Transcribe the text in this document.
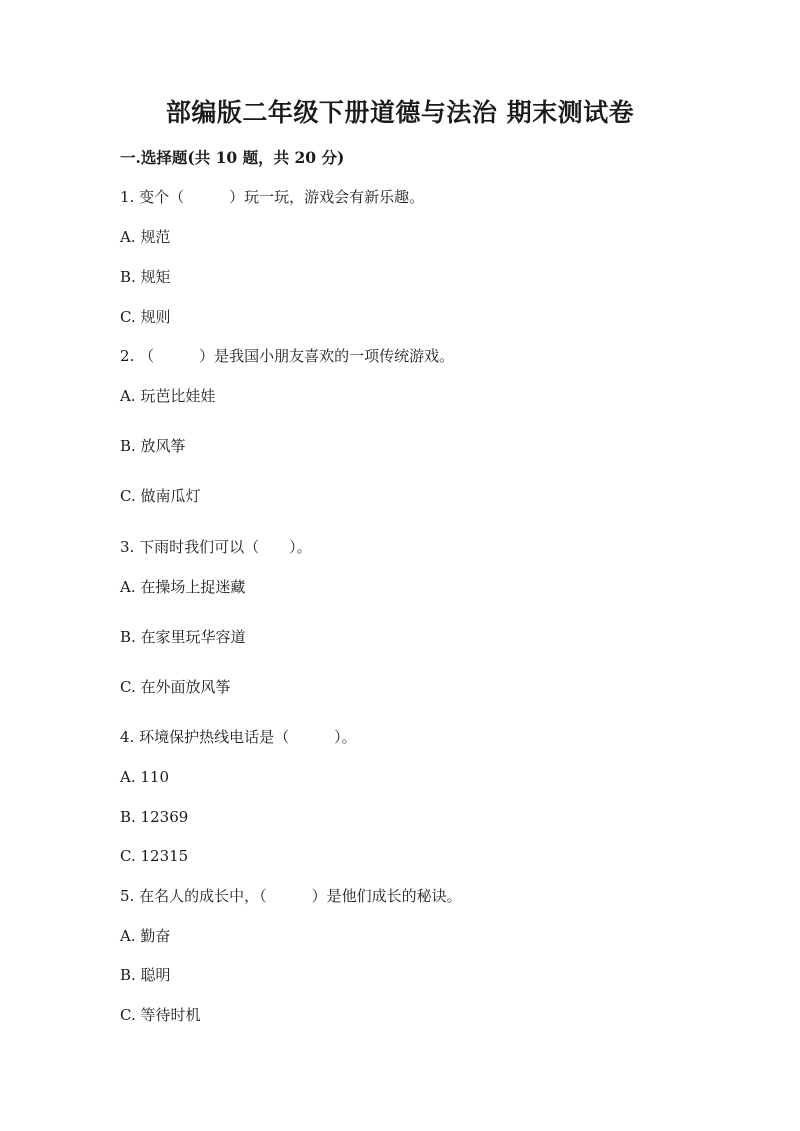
部编版二年级下册道德与法治 期末测试卷
一.选择题(共 10 题，共 20 分)
1. 变个（　　　）玩一玩，游戏会有新乐趣。
A. 规范
B. 规矩
C. 规则
2. （　　　）是我国小朋友喜欢的一项传统游戏。
A. 玩芭比娃娃
B. 放风筝
C. 做南瓜灯
3. 下雨时我们可以（　　）。
A. 在操场上捉迷藏
B. 在家里玩华容道
C. 在外面放风筝
4. 环境保护热线电话是（　　　）。
A. 110
B. 12369
C. 12315
5. 在名人的成长中，（　　　）是他们成长的秘诀。
A. 勤奋
B. 聪明
C. 等待时机
